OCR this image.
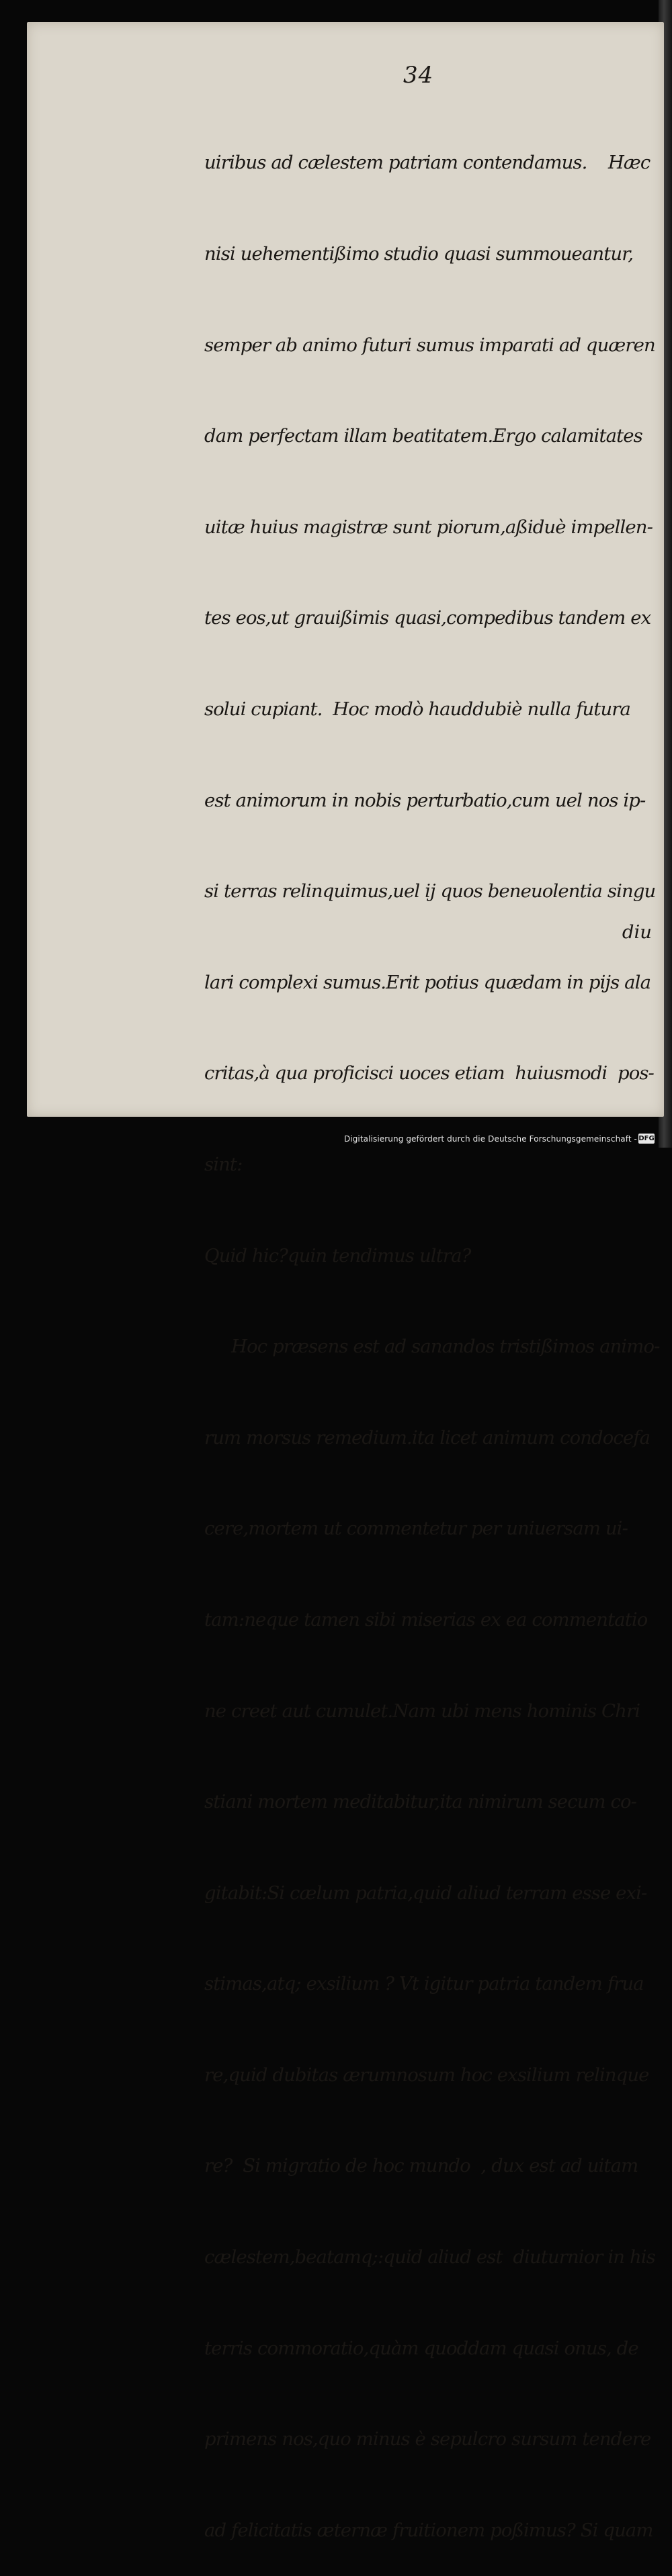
34

uiribus ad cælestem patriam contendamus.    Hæc

nisi uehementißimo studio quasi summoueantur,

semper ab animo futuri sumus imparati ad quæren

dam perfectam illam beatitatem.Ergo calamitates

uitæ huius magistræ sunt piorum,aßiduè impellen-

tes eos,ut grauißimis quasi,compedibus tandem ex

solui cupiant.  Hoc modò hauddubiè nulla futura

est animorum in nobis perturbatio,cum uel nos ip-

si terras relinquimus,uel ij quos beneuolentia singu

lari complexi sumus.Erit potius quædam in pijs ala

critas,à qua proficisci uoces etiam  huiusmodi  pos-

sint:

Quid hic?quin tendimus ultra?

Hoc præsens est ad sanandos tristißimos animo-

rum morsus remedium.ita licet animum condocefa

cere,mortem ut commentetur per uniuersam ui-

tam:neque tamen sibi miserias ex ea commentatio

ne creet aut cumulet.Nam ubi mens hominis Chri

stiani mortem meditabitur,ita nimirum secum co-

gitabit:Si cælum patria,quid aliud terram esse exi-

stimas,atq; exsilium ? Vt igitur patria tandem frua

re,quid dubitas ærumnosum hoc exsilium relinque

re?  Si migratio de hoc mundo  , dux est ad uitam

cælestem,beatamq;:quid aliud est  diuturnior in his

terris commoratio,quàm quoddam quasi onus, de

primens nos,quo minus è sepulcro sursum tendere

ad felicitatis æternæ fruitionem poßimus? Si quam

diu
Digitalisierung gefördert durch die Deutsche Forschungsgemeinschaft - DFG
